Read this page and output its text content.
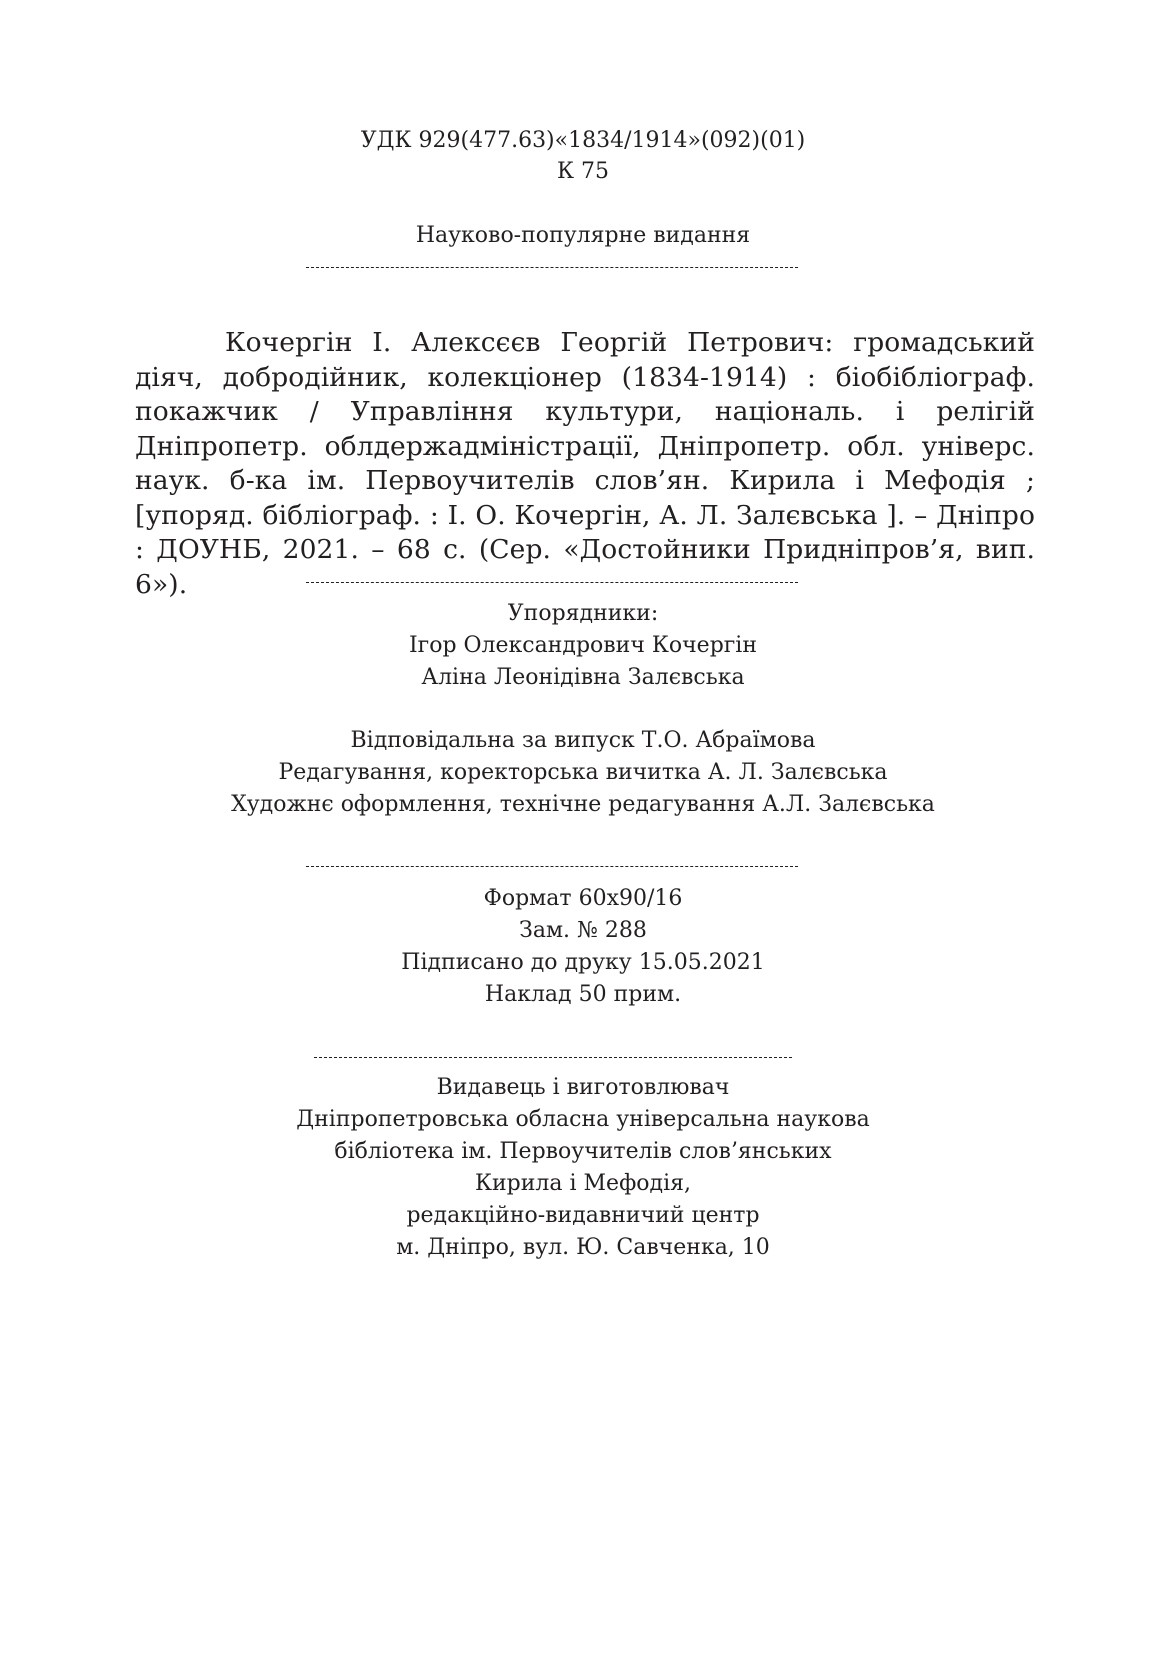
УДК 929(477.63)«1834/1914»(092)(01)
К 75
Науково-популярне видання
Кочергін І. Алексєєв Георгій Петрович: громадський діяч, добродійник, колекціонер (1834-1914) : біобібліограф. покажчик / Управління культури, національ. і релігій Дніпропетр. облдержадміністрації, Дніпропетр. обл. універс. наук. б-ка ім. Первоучителів слов’ян. Кирила і Мефодія ; [упоряд. бібліограф. : І. О. Кочергін, А. Л. Залєвська ]. – Дніпро : ДОУНБ, 2021. – 68 с. (Сер. «Достойники Придніпров’я, вип. 6»).
Упорядники:
Ігор Олександрович Кочергін
Аліна Леонідівна Залєвська
Відповідальна за випуск Т.О. Абраїмова
Редагування, коректорська вичитка А. Л. Залєвська
Художнє оформлення, технічне редагування А.Л. Залєвська
Формат 60х90/16
Зам. № 288
Підписано до друку 15.05.2021
Наклад 50 прим.
Видавець і виготовлювач
Дніпропетровська обласна універсальна наукова
бібліотека ім. Первоучителів слов’янських
Кирила і Мефодія,
редакційно-видавничий центр
м. Дніпро, вул. Ю. Савченка, 10
